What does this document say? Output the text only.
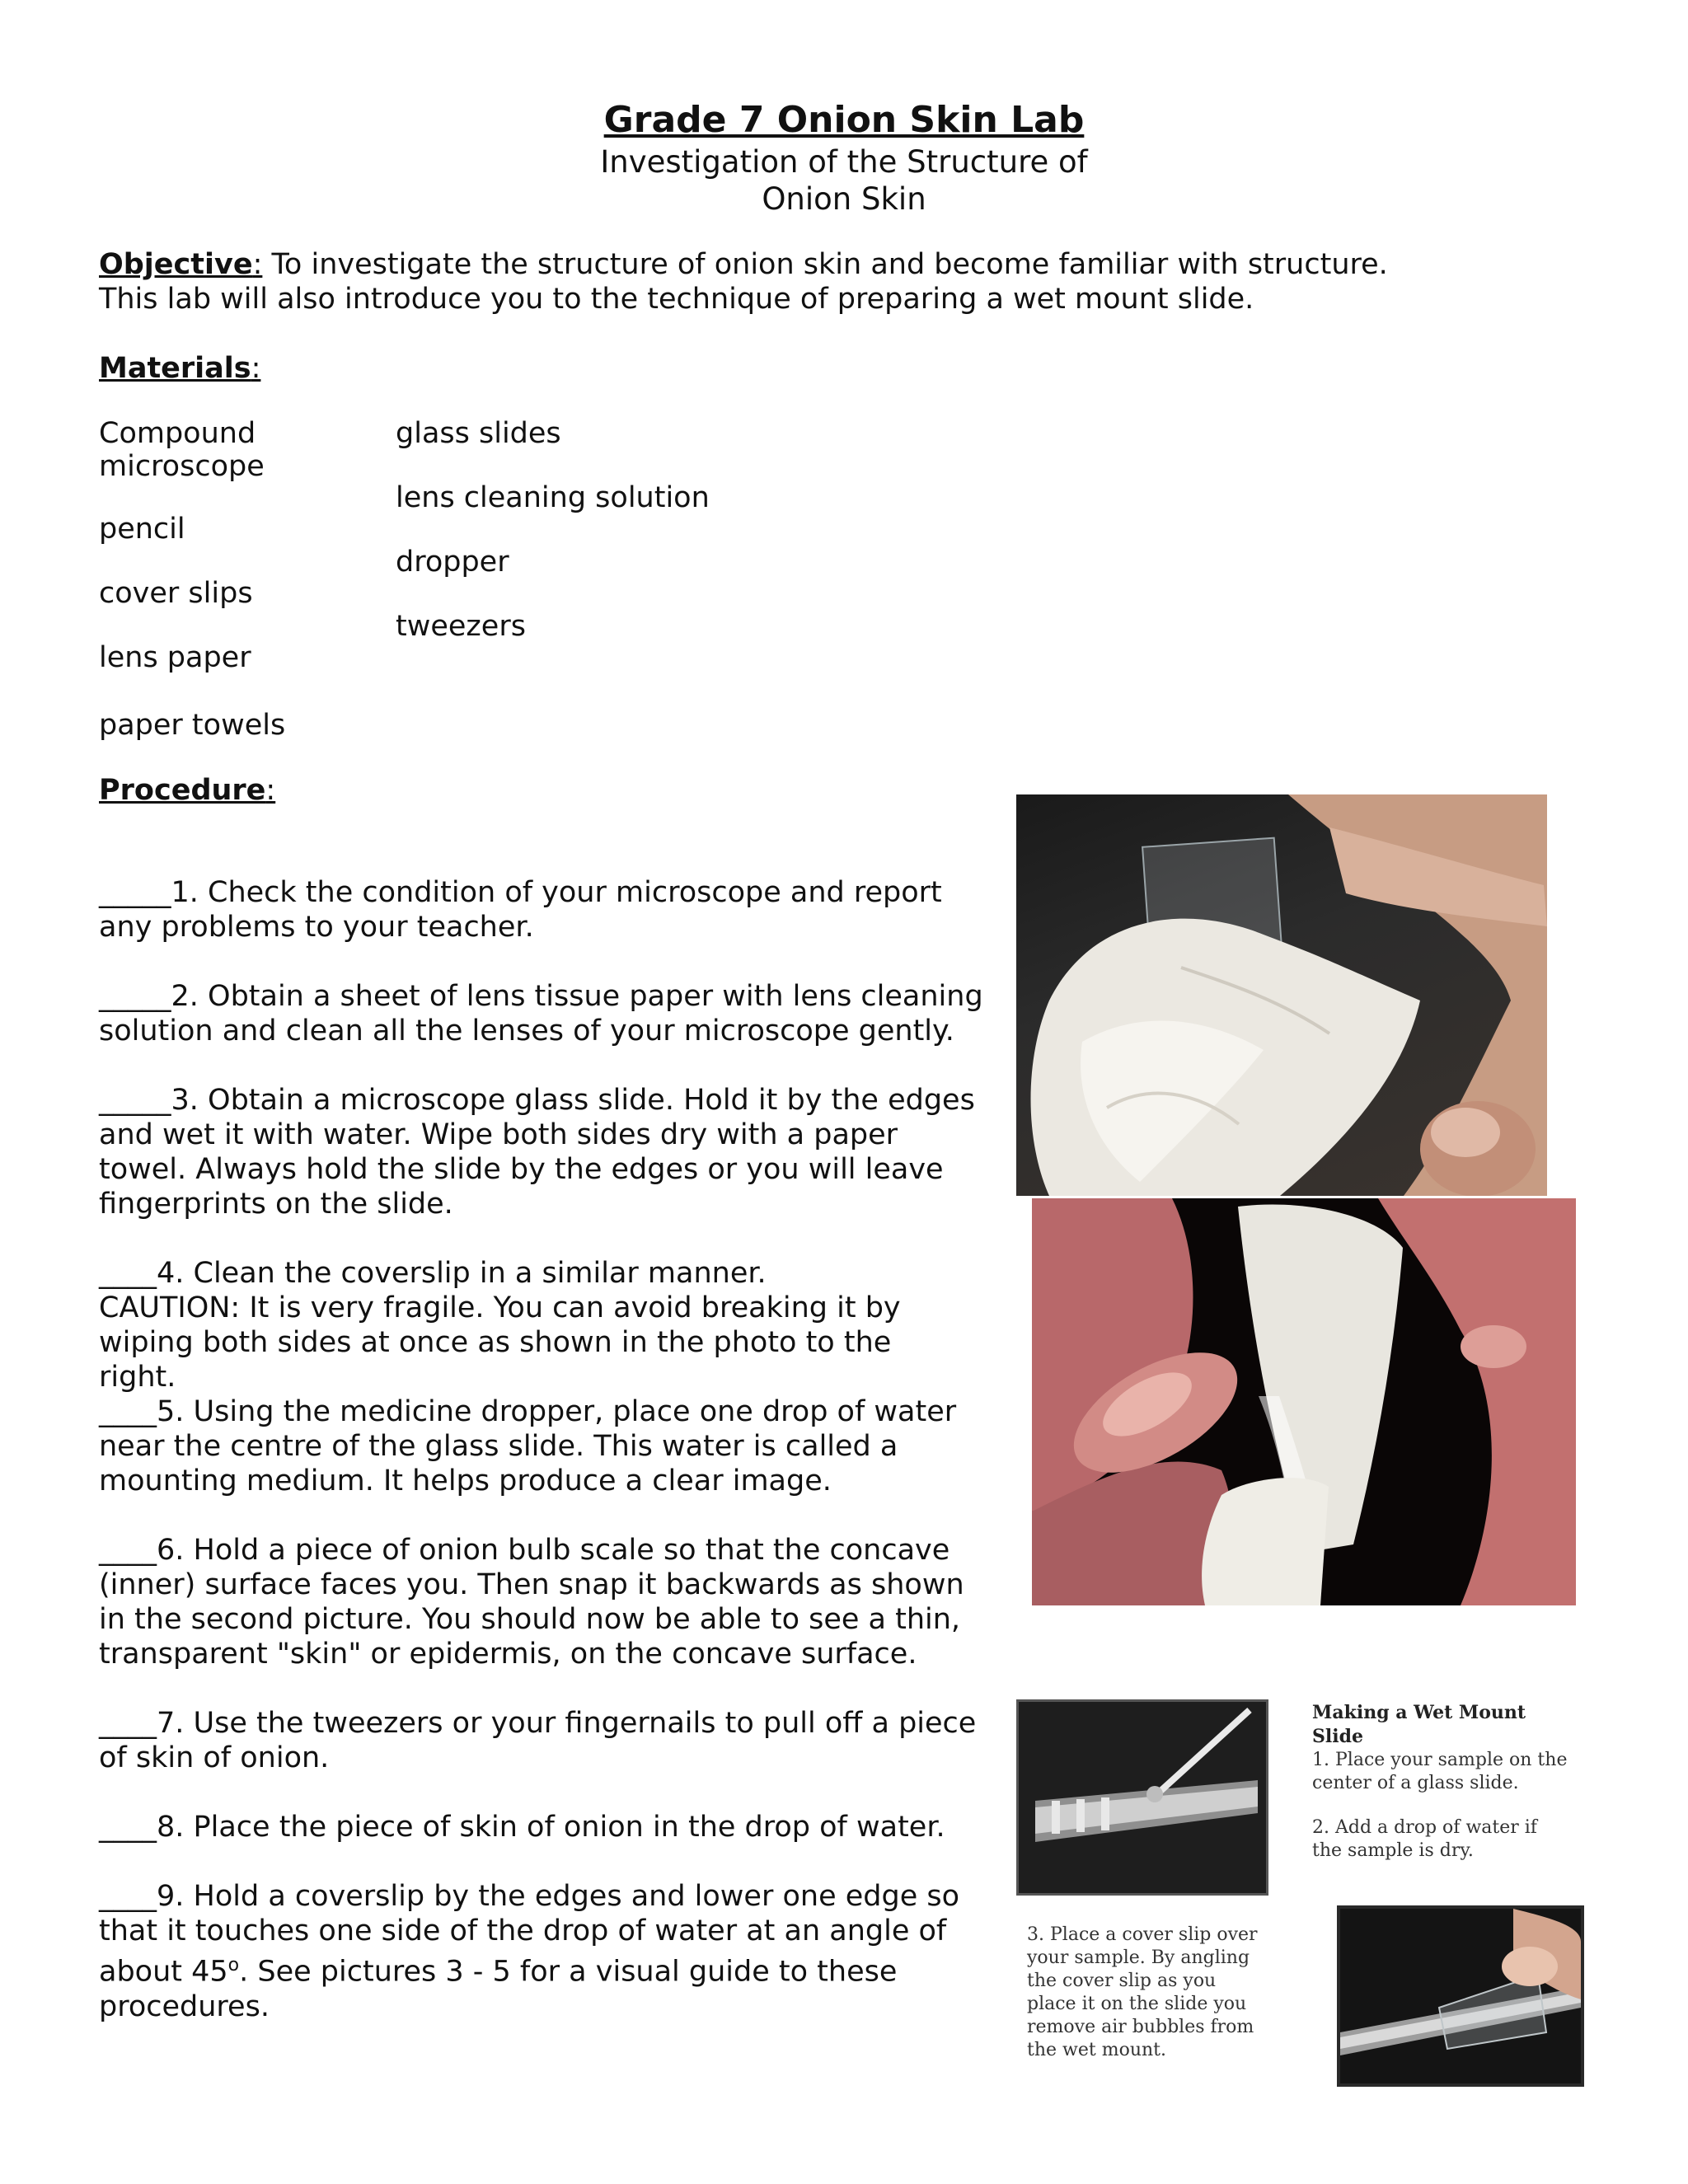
Grade 7 Onion Skin Lab
Investigation of the Structure of
Onion Skin
Objective: To investigate the structure of onion skin and become familiar with structure. This lab will also introduce you to the technique of preparing a wet mount slide.
Materials:
Compound microscope
pencil
cover slips
lens paper
paper towels
glass slides
lens cleaning solution
dropper
tweezers
Procedure:
_____1. Check the condition of your microscope and report any problems to your teacher.
_____2. Obtain a sheet of lens tissue paper with lens cleaning solution and clean all the lenses of your microscope gently.
_____3. Obtain a microscope glass slide. Hold it by the edges and wet it with water. Wipe both sides dry with a paper towel. Always hold the slide by the edges or you will leave fingerprints on the slide.
____4. Clean the coverslip in a similar manner.
CAUTION: It is very fragile. You can avoid breaking it by wiping both sides at once as shown in the photo to the right.
____5. Using the medicine dropper, place one drop of water near the centre of the glass slide. This water is called a mounting medium. It helps produce a clear image.
____6. Hold a piece of onion bulb scale so that the concave (inner) surface faces you. Then snap it backwards as shown in the second picture. You should now be able to see a thin, transparent "skin" or epidermis, on the concave surface.
____7. Use the tweezers or your fingernails to pull off a piece of skin of onion.
____8. Place the piece of skin of onion in the drop of water.
____9. Hold a coverslip by the edges and lower one edge so that it touches one side of the drop of water at an angle of about 45$^o$. See pictures 3 - 5 for a visual guide to these procedures.
Making a Wet Mount Slide
1. Place your sample on the center of a glass slide.
2. Add a drop of water if the sample is dry.
3. Place a cover slip over your sample. By angling the cover slip as you place it on the slide you remove air bubbles from the wet mount.
